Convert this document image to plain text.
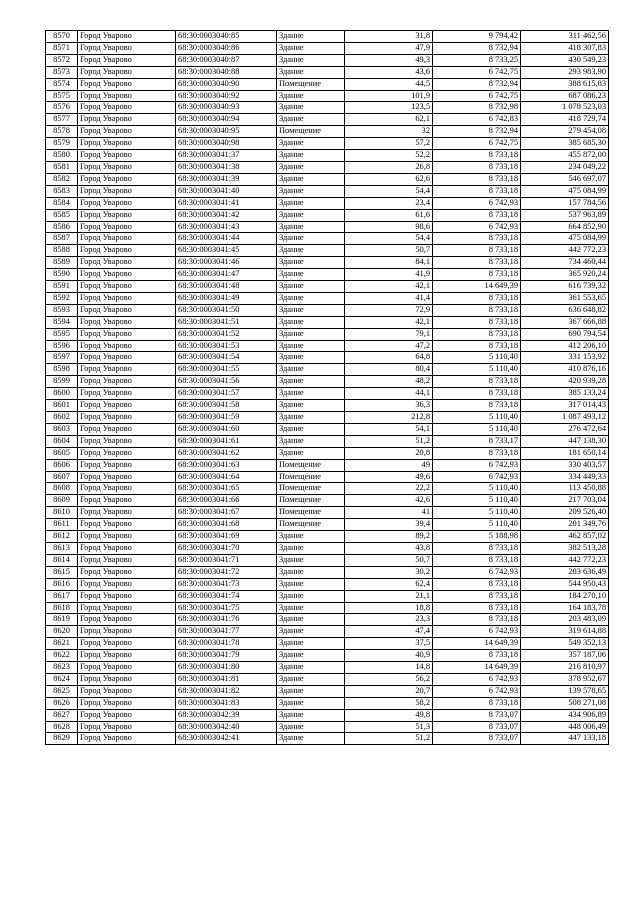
8570	Город Уварово	68:30:0003040:85	Здание	31,8	9 794,42	311 462,56
8571	Город Уварово	68:30:0003040:86	Здание	47,9	8 732,94	418 307,83
8572	Город Уварово	68:30:0003040:87	Здание	49,3	8 733,25	430 549,23
8573	Город Уварово	68:30:0003040:88	Здание	43,6	6 742,75	293 983,90
8574	Город Уварово	68:30:0003040:90	Помещение	44,5	8 732,94	388 615,83
8575	Город Уварово	68:30:0003040:92	Здание	101,9	6 742,75	687 086,23
8576	Город Уварово	68:30:0003040:93	Здание	123,5	8 732,98	1 078 523,03
8577	Город Уварово	68:30:0003040:94	Здание	62,1	6 742,83	418 729,74
8578	Город Уварово	68:30:0003040:95	Помещение	32	8 732,94	279 454,08
8579	Город Уварово	68:30:0003040:98	Здание	57,2	6 742,75	385 685,30
8580	Город Уварово	68:30:0003041:37	Здание	52,2	8 733,18	455 872,00
8581	Город Уварово	68:30:0003041:38	Здание	26,8	8 733,18	234 049,22
8582	Город Уварово	68:30:0003041:39	Здание	62,6	8 733,18	546 697,07
8583	Город Уварово	68:30:0003041:40	Здание	54,4	8 733,18	475 084,99
8584	Город Уварово	68:30:0003041:41	Здание	23,4	6 742,93	157 784,56
8585	Город Уварово	68:30:0003041:42	Здание	61,6	8 733,18	537 963,89
8586	Город Уварово	68:30:0003041:43	Здание	98,6	6 742,93	664 852,90
8587	Город Уварово	68:30:0003041:44	Здание	54,4	8 733,18	475 084,99
8588	Город Уварово	68:30:0003041:45	Здание	50,7	8 733,18	442 772,23
8589	Город Уварово	68:30:0003041:46	Здание	84,1	8 733,18	734 460,44
8590	Город Уварово	68:30:0003041:47	Здание	41,9	8 733,18	365 920,24
8591	Город Уварово	68:30:0003041:48	Здание	42,1	14 649,39	616 739,32
8592	Город Уварово	68:30:0003041:49	Здание	41,4	8 733,18	361 553,65
8593	Город Уварово	68:30:0003041:50	Здание	72,9	8 733,18	636 648,82
8594	Город Уварово	68:30:0003041:51	Здание	42,1	8 733,18	367 666,88
8595	Город Уварово	68:30:0003041:52	Здание	79,1	8 733,18	690 794,54
8596	Город Уварово	68:30:0003041:53	Здание	47,2	8 733,18	412 206,10
8597	Город Уварово	68:30:0003041:54	Здание	64,8	5 110,40	331 153,92
8598	Город Уварово	68:30:0003041:55	Здание	80,4	5 110,40	410 876,16
8599	Город Уварово	68:30:0003041:56	Здание	48,2	8 733,18	420 939,28
8600	Город Уварово	68:30:0003041:57	Здание	44,1	8 733,18	385 133,24
8601	Город Уварово	68:30:0003041:58	Здание	36,3	8 733,18	317 014,43
8602	Город Уварово	68:30:0003041:59	Здание	212,8	5 110,40	1 087 493,12
8603	Город Уварово	68:30:0003041:60	Здание	54,1	5 110,40	276 472,64
8604	Город Уварово	68:30:0003041:61	Здание	51,2	8 733,17	447 138,30
8605	Город Уварово	68:30:0003041:62	Здание	20,8	8 733,18	181 650,14
8606	Город Уварово	68:30:0003041:63	Помещение	49	6 742,93	330 403,57
8607	Город Уварово	68:30:0003041:64	Помещение	49,6	6 742,93	334 449,33
8608	Город Уварово	68:30:0003041:65	Помещение	22,2	5 110,40	113 450,88
8609	Город Уварово	68:30:0003041:66	Помещение	42,6	5 110,40	217 703,04
8610	Город Уварово	68:30:0003041:67	Помещение	41	5 110,40	209 526,40
8611	Город Уварово	68:30:0003041:68	Помещение	39,4	5 110,40	201 349,76
8612	Город Уварово	68:30:0003041:69	Здание	89,2	5 188,98	462 857,02
8613	Город Уварово	68:30:0003041:70	Здание	43,8	8 733,18	382 513,28
8614	Город Уварово	68:30:0003041:71	Здание	50,7	8 733,18	442 772,23
8615	Город Уварово	68:30:0003041:72	Здание	30,2	6 742,93	203 636,49
8616	Город Уварово	68:30:0003041:73	Здание	62,4	8 733,18	544 950,43
8617	Город Уварово	68:30:0003041:74	Здание	21,1	8 733,18	184 270,10
8618	Город Уварово	68:30:0003041:75	Здание	18,8	8 733,18	164 183,78
8619	Город Уварово	68:30:0003041:76	Здание	23,3	8 733,18	203 483,09
8620	Город Уварово	68:30:0003041:77	Здание	47,4	6 742,93	319 614,88
8621	Город Уварово	68:30:0003041:78	Здание	37,5	14 649,39	549 352,13
8622	Город Уварово	68:30:0003041:79	Здание	40,9	8 733,18	357 187,06
8623	Город Уварово	68:30:0003041:80	Здание	14,8	14 649,39	216 810,97
8624	Город Уварово	68:30:0003041:81	Здание	56,2	6 742,93	378 952,67
8625	Город Уварово	68:30:0003041:82	Здание	20,7	6 742,93	139 578,65
8626	Город Уварово	68:30:0003041:83	Здание	58,2	8 733,18	508 271,08
8627	Город Уварово	68:30:0003042:39	Здание	49,8	8 733,07	434 906,89
8628	Город Уварово	68:30:0003042:40	Здание	51,3	8 733,07	448 006,49
8629	Город Уварово	68:30:0003042:41	Здание	51,2	8 733,07	447 133,18
